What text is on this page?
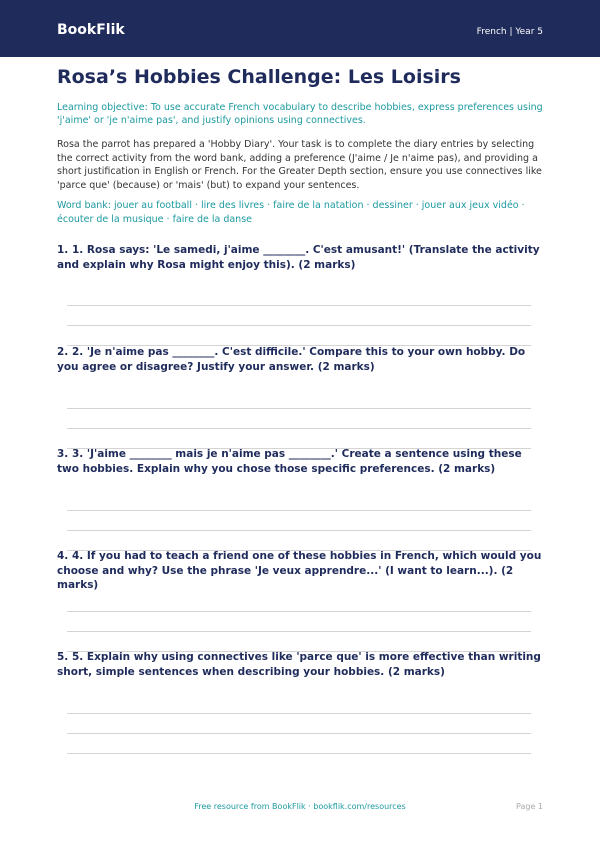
BookFlik	French | Year 5
Rosa’s Hobbies Challenge: Les Loisirs
Learning objective: To use accurate French vocabulary to describe hobbies, express preferences using 'j'aime' or 'je n'aime pas', and justify opinions using connectives.
Rosa the parrot has prepared a 'Hobby Diary'. Your task is to complete the diary entries by selecting the correct activity from the word bank, adding a preference (J'aime / Je n'aime pas), and providing a short justification in English or French. For the Greater Depth section, ensure you use connectives like 'parce que' (because) or 'mais' (but) to expand your sentences.
Word bank: jouer au football · lire des livres · faire de la natation · dessiner · jouer aux jeux vidéo · écouter de la musique · faire de la danse
1. 1. Rosa says: 'Le samedi, j'aime ________. C'est amusant!' (Translate the activity and explain why Rosa might enjoy this). (2 marks)
2. 2. 'Je n'aime pas ________. C'est difficile.' Compare this to your own hobby. Do you agree or disagree? Justify your answer. (2 marks)
3. 3. 'J'aime ________ mais je n'aime pas ________.' Create a sentence using these two hobbies. Explain why you chose those specific preferences. (2 marks)
4. 4. If you had to teach a friend one of these hobbies in French, which would you choose and why? Use the phrase 'Je veux apprendre...' (I want to learn...). (2 marks)
5. 5. Explain why using connectives like 'parce que' is more effective than writing short, simple sentences when describing your hobbies. (2 marks)
Free resource from BookFlik · bookflik.com/resources	Page 1
